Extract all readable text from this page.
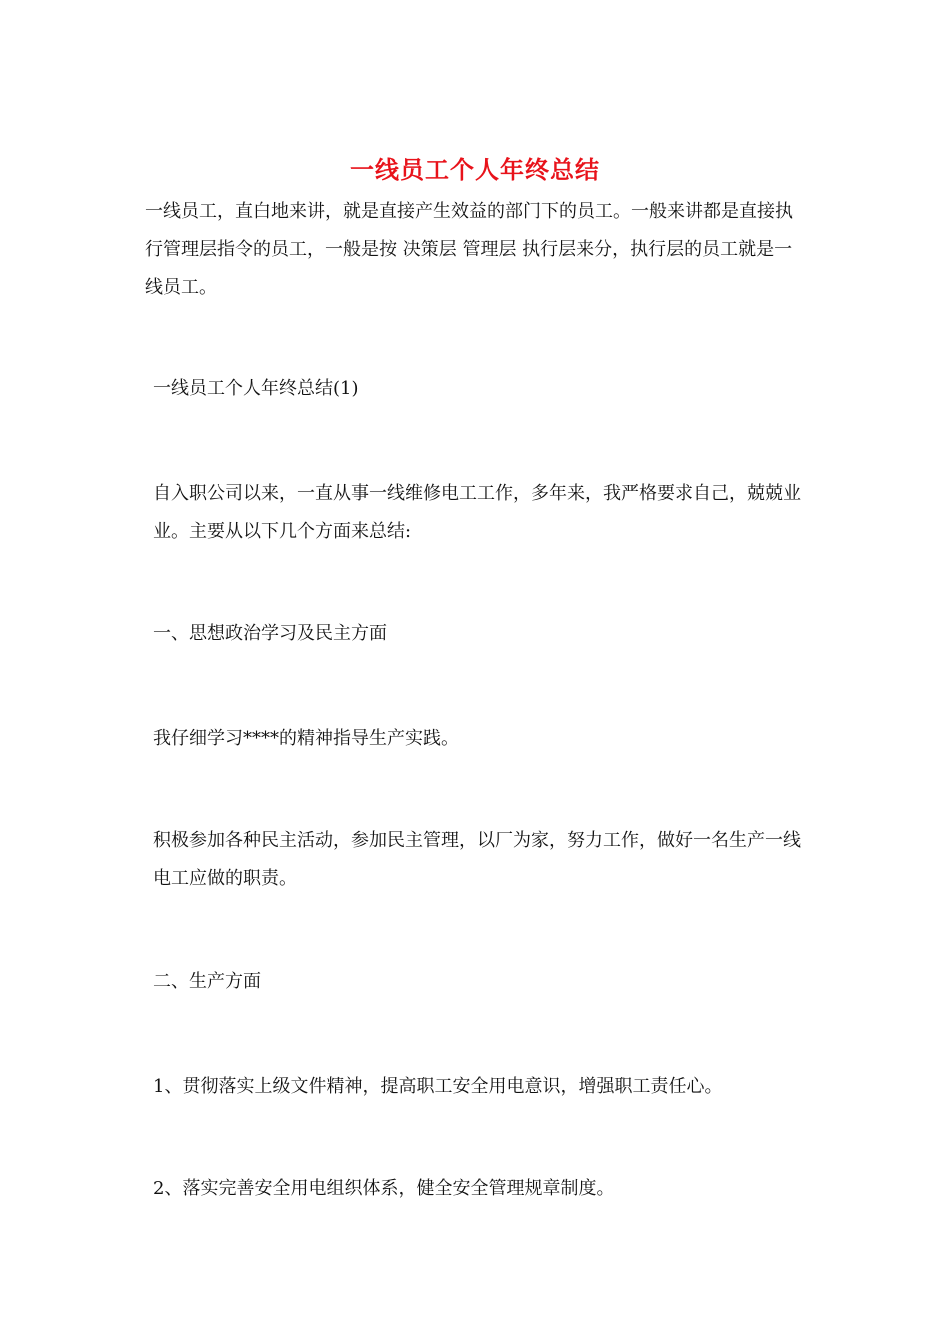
一线员工个人年终总结
一线员工，直白地来讲，就是直接产生效益的部门下的员工。一般来讲都是直接执行管理层指令的员工，一般是按 决策层 管理层 执行层来分，执行层的员工就是一线员工。
一线员工个人年终总结(1)
自入职公司以来，一直从事一线维修电工工作，多年来，我严格要求自己，兢兢业业。主要从以下几个方面来总结:
一、思想政治学习及民主方面
我仔细学习****的精神指导生产实践。
积极参加各种民主活动，参加民主管理，以厂为家，努力工作，做好一名生产一线电工应做的职责。
二、生产方面
1、贯彻落实上级文件精神，提高职工安全用电意识，增强职工责任心。
2、落实完善安全用电组织体系，健全安全管理规章制度。
